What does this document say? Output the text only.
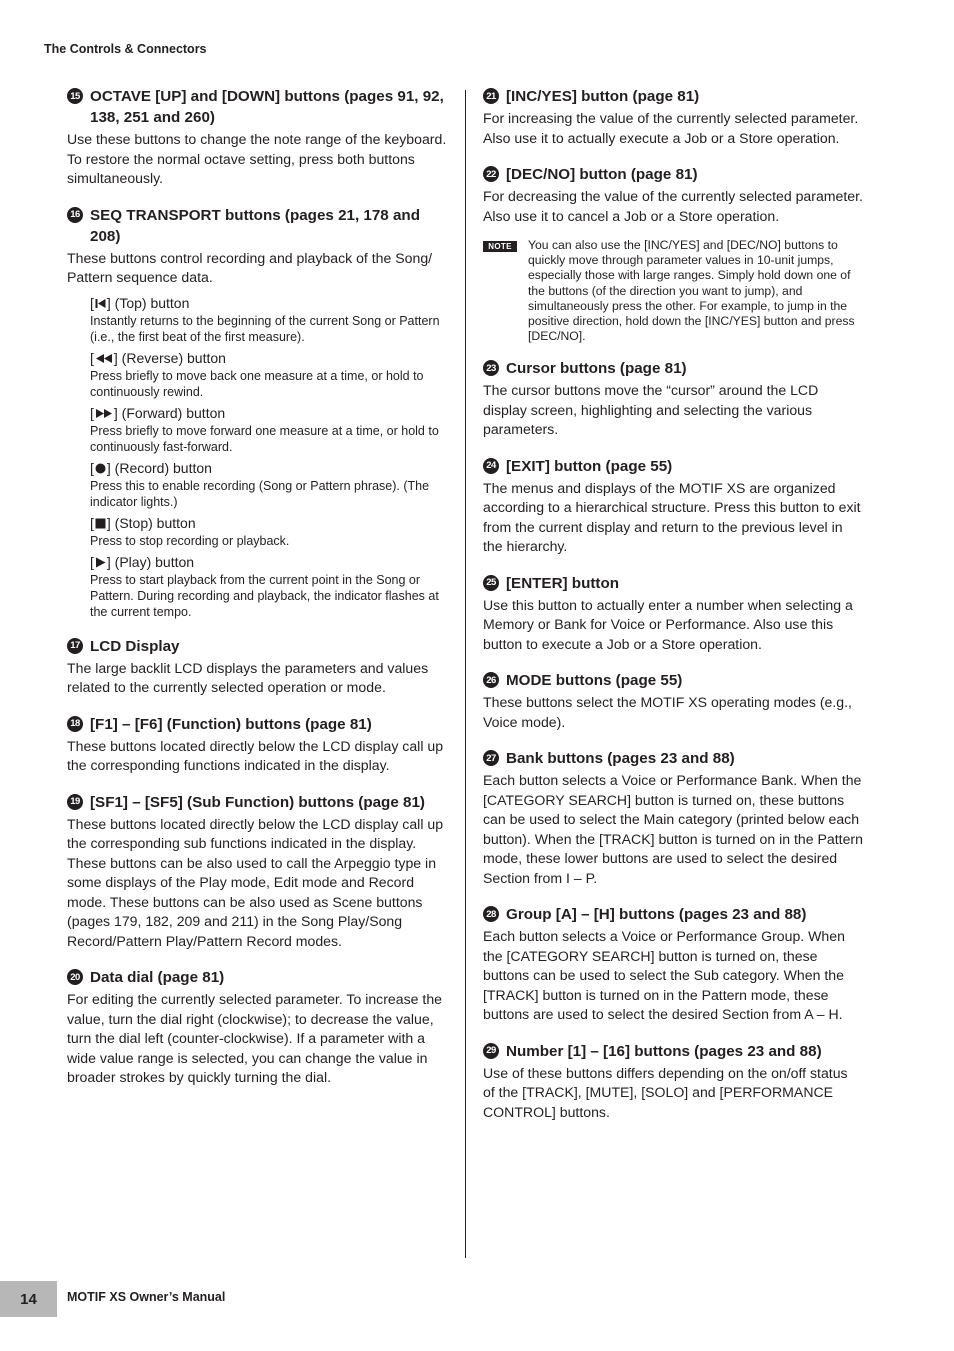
The Controls & Connectors
15 OCTAVE [UP] and [DOWN] buttons (pages 91, 92, 138, 251 and 260)
Use these buttons to change the note range of the keyboard. To restore the normal octave setting, press both buttons simultaneously.
16 SEQ TRANSPORT buttons (pages 21, 178 and 208)
These buttons control recording and playback of the Song/ Pattern sequence data.
[ ] (Top) button
Instantly returns to the beginning of the current Song or Pattern (i.e., the first beat of the first measure).
[ ] (Reverse) button
Press briefly to move back one measure at a time, or hold to continuously rewind.
[ ] (Forward) button
Press briefly to move forward one measure at a time, or hold to continuously fast-forward.
[ ] (Record) button
Press this to enable recording (Song or Pattern phrase). (The indicator lights.)
[ ] (Stop) button
Press to stop recording or playback.
[ ] (Play) button
Press to start playback from the current point in the Song or Pattern. During recording and playback, the indicator flashes at the current tempo.
17 LCD Display
The large backlit LCD displays the parameters and values related to the currently selected operation or mode.
18 [F1] – [F6] (Function) buttons (page 81)
These buttons located directly below the LCD display call up the corresponding functions indicated in the display.
19 [SF1] – [SF5] (Sub Function) buttons (page 81)
These buttons located directly below the LCD display call up the corresponding sub functions indicated in the display. These buttons can be also used to call the Arpeggio type in some displays of the Play mode, Edit mode and Record mode. These buttons can be also used as Scene buttons (pages 179, 182, 209 and 211) in the Song Play/Song Record/Pattern Play/Pattern Record modes.
20 Data dial (page 81)
For editing the currently selected parameter. To increase the value, turn the dial right (clockwise); to decrease the value, turn the dial left (counter-clockwise). If a parameter with a wide value range is selected, you can change the value in broader strokes by quickly turning the dial.
21 [INC/YES] button (page 81)
For increasing the value of the currently selected parameter. Also use it to actually execute a Job or a Store operation.
22 [DEC/NO] button (page 81)
For decreasing the value of the currently selected parameter. Also use it to cancel a Job or a Store operation.
NOTE	You can also use the [INC/YES] and [DEC/NO] buttons to quickly move through parameter values in 10-unit jumps, especially those with large ranges. Simply hold down one of the buttons (of the direction you want to jump), and simultaneously press the other. For example, to jump in the positive direction, hold down the [INC/YES] button and press [DEC/NO].
23 Cursor buttons (page 81)
The cursor buttons move the “cursor” around the LCD display screen, highlighting and selecting the various parameters.
24 [EXIT] button (page 55)
The menus and displays of the MOTIF XS are organized according to a hierarchical structure. Press this button to exit from the current display and return to the previous level in the hierarchy.
25 [ENTER] button
Use this button to actually enter a number when selecting a Memory or Bank for Voice or Performance. Also use this button to execute a Job or a Store operation.
26 MODE buttons (page 55)
These buttons select the MOTIF XS operating modes (e.g., Voice mode).
27 Bank buttons (pages 23 and 88)
Each button selects a Voice or Performance Bank. When the [CATEGORY SEARCH] button is turned on, these buttons can be used to select the Main category (printed below each button). When the [TRACK] button is turned on in the Pattern mode, these lower buttons are used to select the desired Section from I – P.
28 Group [A] – [H] buttons (pages 23 and 88)
Each button selects a Voice or Performance Group. When the [CATEGORY SEARCH] button is turned on, these buttons can be used to select the Sub category. When the [TRACK] button is turned on in the Pattern mode, these buttons are used to select the desired Section from A – H.
29 Number [1] – [16] buttons (pages 23 and 88)
Use of these buttons differs depending on the on/off status of the [TRACK], [MUTE], [SOLO] and [PERFORMANCE CONTROL] buttons.
14	MOTIF XS Owner’s Manual
